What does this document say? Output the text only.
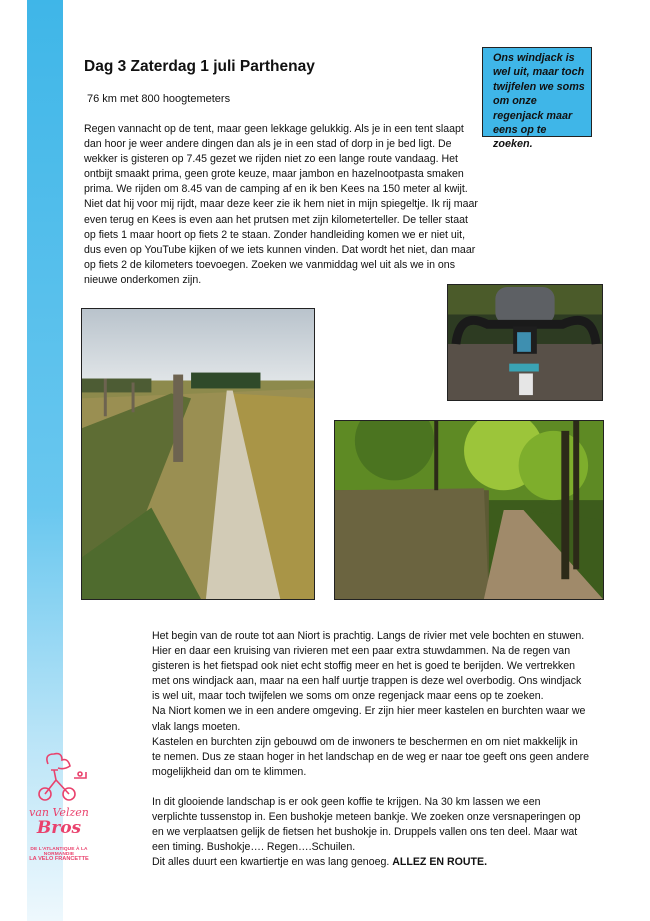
Dag 3 Zaterdag 1 juli Parthenay

76 km met 800 hoogtemeters

Ons windjack is wel uit, maar toch twijfelen we soms om onze regenjack maar eens op te zoeken.

Regen vannacht op de tent, maar geen lekkage gelukkig. Als je in een tent slaapt dan hoor je weer andere dingen dan als je in een stad of dorp in je bed ligt. De wekker is gisteren op 7.45 gezet we rijden niet zo een lange route vandaag. Het ontbijt smaakt prima, geen grote keuze, maar jambon en hazelnootpasta smaken prima. We rijden om 8.45 van de camping af en ik ben Kees na 150 meter al kwijt. Niet dat hij voor mij rijdt, maar deze keer zie ik hem niet in mijn spiegeltje. Ik rij maar even terug en Kees is even aan het prutsen met zijn kilometerteller. De teller staat op fiets 1 maar hoort op fiets 2 te staan. Zonder handleiding komen we er niet uit, dus even op YouTube kijken of we iets kunnen vinden. Dat wordt het niet, dan maar op fiets 2 de kilometers toevoegen. Zoeken we vanmiddag wel uit als we in ons nieuwe onderkomen zijn.

Het begin van de route tot aan Niort is prachtig. Langs de rivier met vele bochten en stuwen.
Hier en daar een kruising van rivieren met een paar extra stuwdammen. Na de regen van
gisteren is het fietspad ook niet echt stoffig meer en het is goed te berijden. We vertrekken
met ons windjack aan, maar na een half uurtje trappen is deze wel overbodig. Ons windjack
is wel uit, maar toch twijfelen we soms om onze regenjack maar eens op te zoeken.
Na Niort komen we in een andere omgeving. Er zijn hier meer kastelen en burchten waar we
vlak langs moeten.
Kastelen en burchten zijn gebouwd om de inwoners te beschermen en om niet makkelijk in
te nemen. Dus ze staan hoger in het landschap en de weg er naar toe geeft ons geen andere
mogelijkheid dan om te klimmen.
In dit glooiende landschap is er ook geen koffie te krijgen. Na 30 km lassen we een
verplichte tussenstop in. Een bushokje meteen bankje. We zoeken onze versnaperingen op
en we verplaatsen gelijk de fietsen het bushokje in. Druppels vallen ons ten deel. Maar wat
een timing. Bushokje…. Regen….Schuilen.
Dit alles duurt een kwartiertje en was lang genoeg. ALLEZ EN ROUTE.
van Velzen
Bros
DE L'ATLANTIQUE À LA NORMANDIE
LA VELO FRANCETTE
